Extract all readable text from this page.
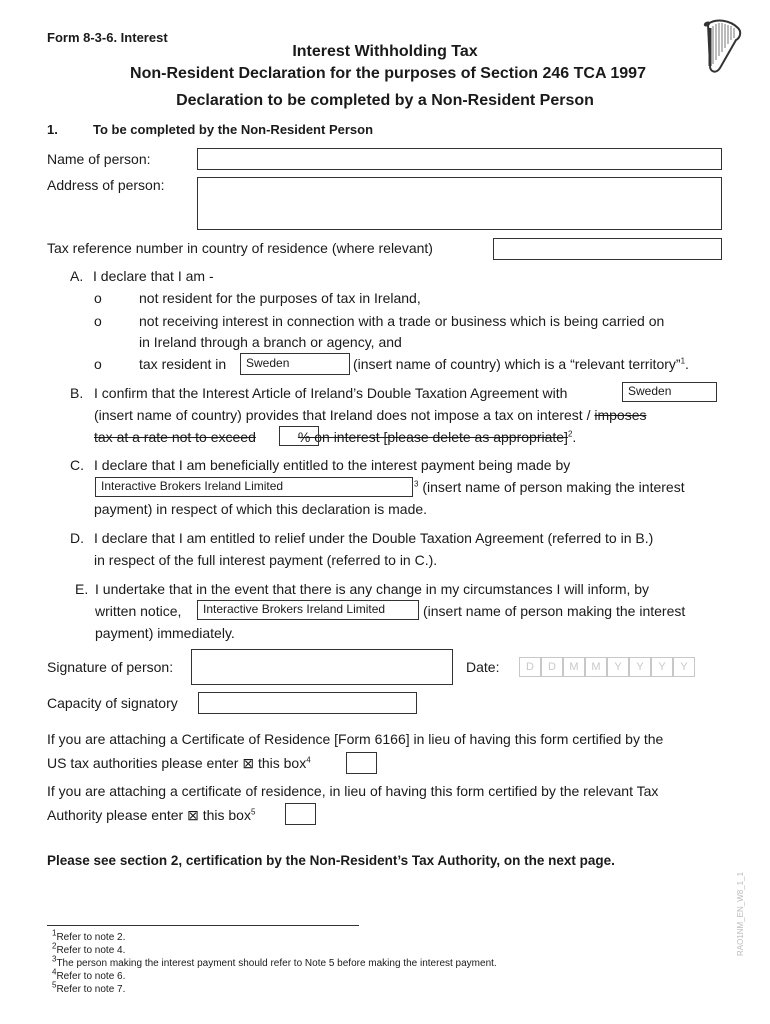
Form 8-3-6. Interest
Interest Withholding Tax
Non-Resident Declaration for the purposes of Section 246 TCA 1997
Declaration to be completed by a Non-Resident Person
1.	To be completed by the Non-Resident Person
Name of person:
Address of person:
Tax reference number in country of residence (where relevant)
A. I declare that I am -
o	not resident for the purposes of tax in Ireland,
o	not receiving interest in connection with a trade or business which is being carried on
in Ireland through a branch or agency, and
o	tax resident in	Sweden	(insert name of country) which is a “relevant territory”$^1$.
B. I confirm that the Interest Article of Ireland’s Double Taxation Agreement with	Sweden
(insert name of country) provides that Ireland does not impose a tax on interest / imposes
tax at a rate not to exceed	% on interest [please delete as appropriate]$^2$.
C. I declare that I am beneficially entitled to the interest payment being made by
Interactive Brokers Ireland Limited	$^3$ (insert name of person making the interest
payment) in respect of which this declaration is made.
D. I declare that I am entitled to relief under the Double Taxation Agreement (referred to in B.)
in respect of the full interest payment (referred to in C.).
E. I undertake that in the event that there is any change in my circumstances I will inform, by
written notice,	Interactive Brokers Ireland Limited	(insert name of person making the interest
payment) immediately.
Signature of person:	Date:	D	D	M	M	Y	Y	Y	Y
Capacity of signatory
If you are attaching a Certificate of Residence [Form 6166] in lieu of having this form certified by the
US tax authorities please enter ⊠ this box$^4$
If you are attaching a certificate of residence, in lieu of having this form certified by the relevant Tax
Authority please enter ⊠ this box$^5$
Please see section 2, certification by the Non-Resident’s Tax Authority, on the next page.
RAO1NM_EN_W8_1_1
$^1$Refer to note 2.
$^2$Refer to note 4.
$^3$The person making the interest payment should refer to Note 5 before making the interest payment.
$^4$Refer to note 6.
$^5$Refer to note 7.
